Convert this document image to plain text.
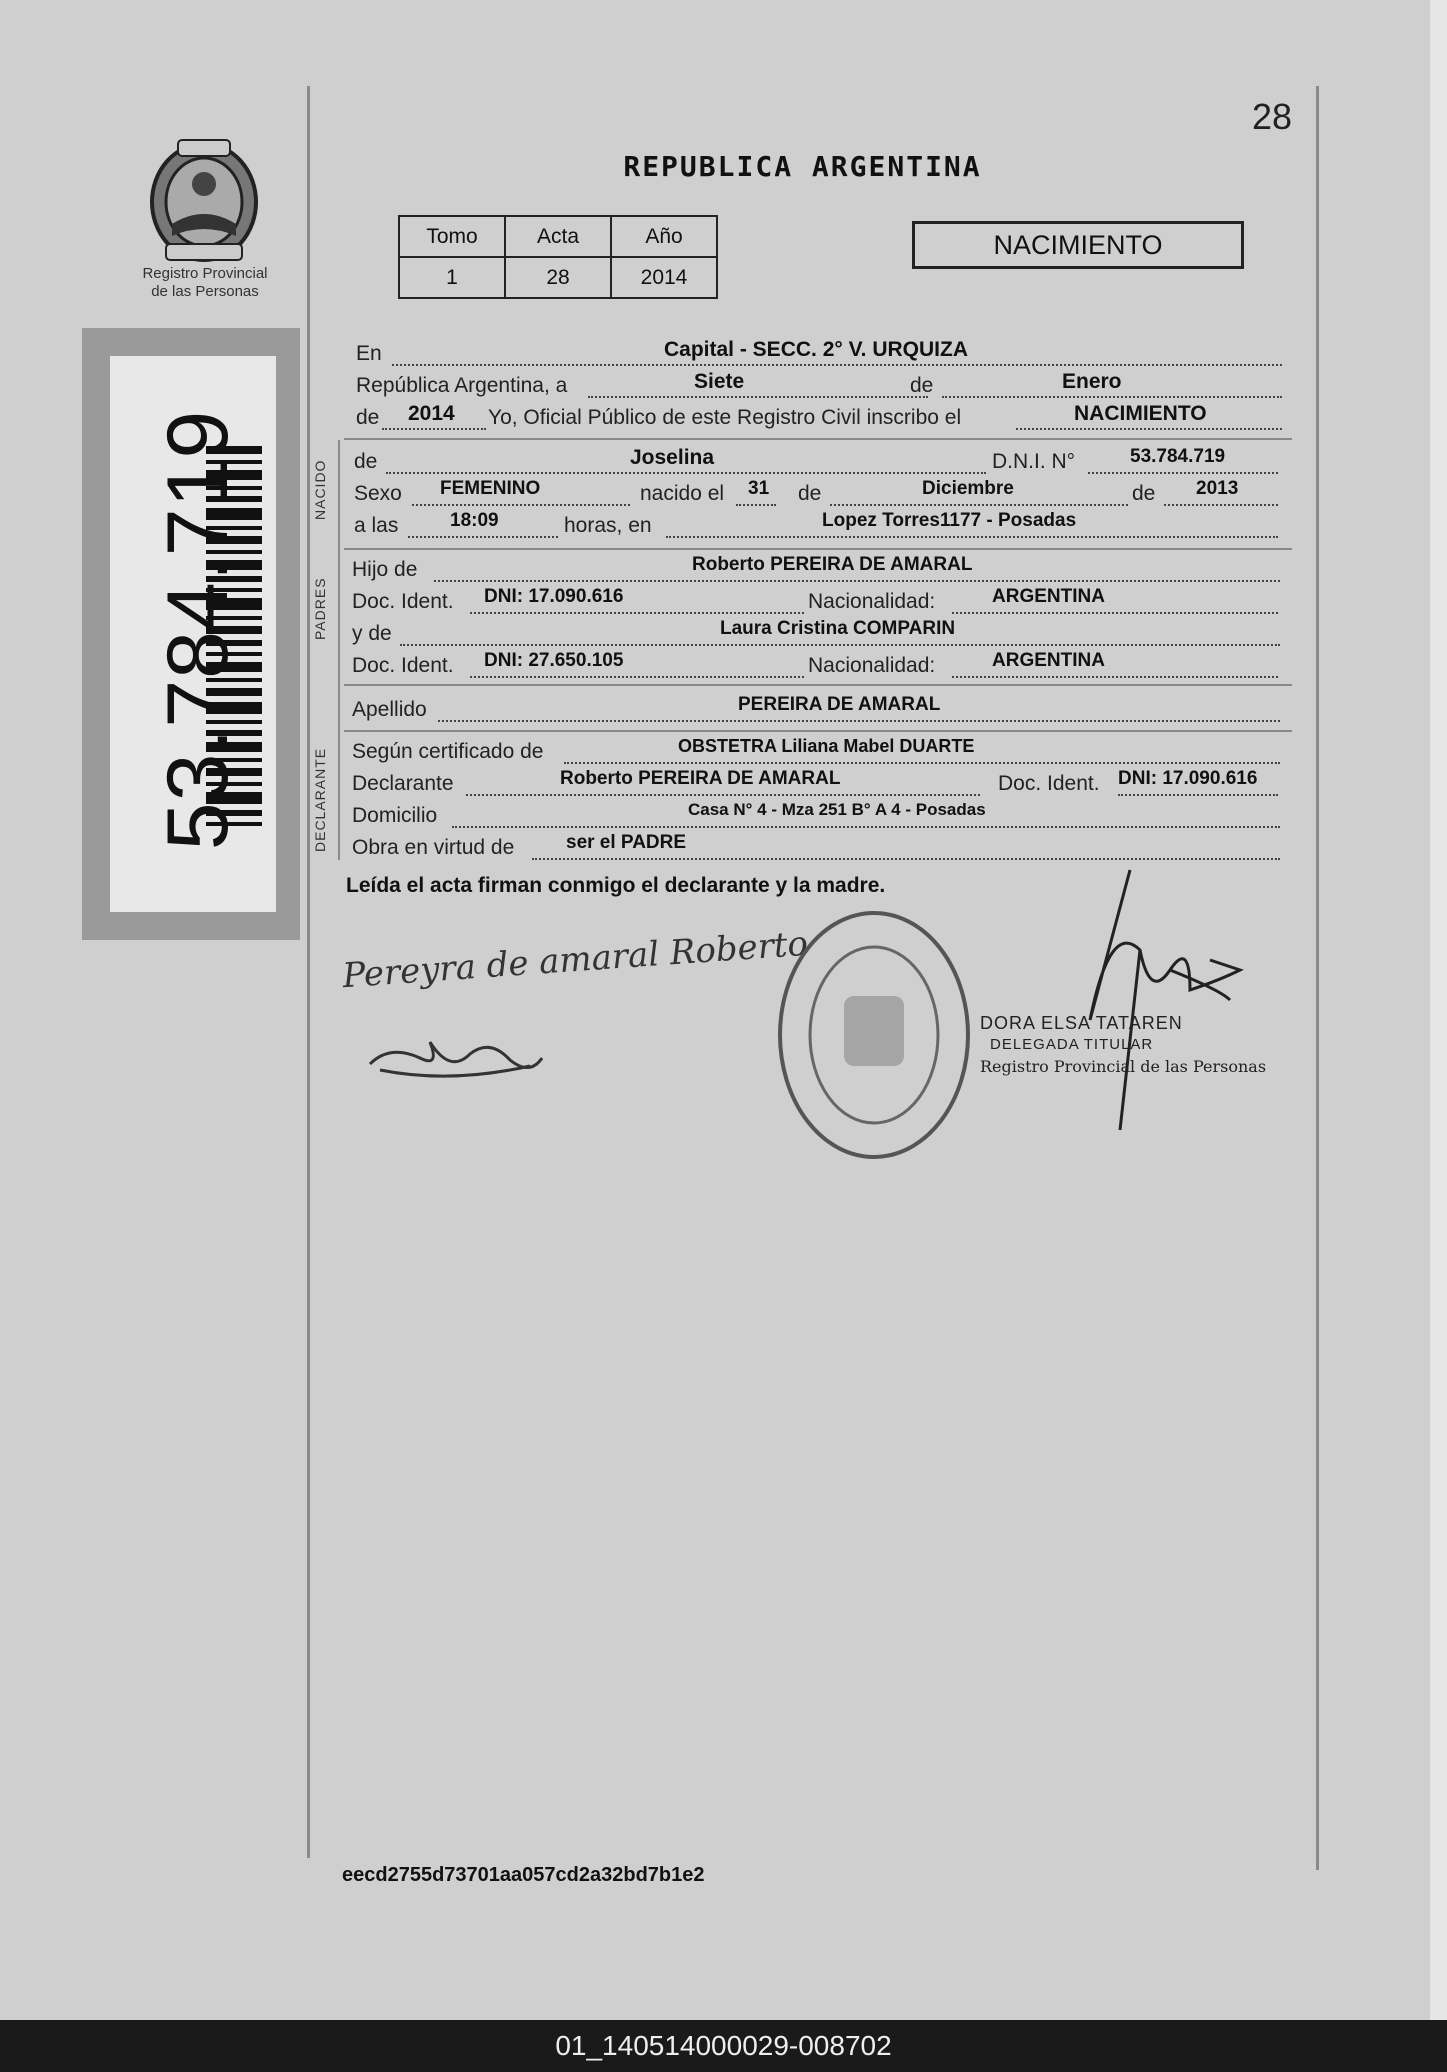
28
REPUBLICA ARGENTINA
Registro Provincial
de las Personas
53.784.719
Tomo	Acta	Año
1	28	2014
NACIMIENTO
NACIDO
PADRES
DECLARANTE
En	Capital - SECC. 2° V. URQUIZA
República Argentina, a	Siete	de	Enero
de 2014 Yo, Oficial Público de este Registro Civil inscribo el	NACIMIENTO
de	Joselina	D.N.I. N°	53.784.719
Sexo FEMENINO	nacido el 31 de	Diciembre	de 2013
a las	18:09	horas, en	Lopez Torres1177 - Posadas
Hijo de	Roberto PEREIRA DE AMARAL
Doc. Ident. DNI: 17.090.616	Nacionalidad:	ARGENTINA
y de	Laura Cristina COMPARIN
Doc. Ident. DNI: 27.650.105	Nacionalidad:	ARGENTINA
Apellido	PEREIRA DE AMARAL
Según certificado de	OBSTETRA Liliana Mabel DUARTE
Declarante	Roberto PEREIRA DE AMARAL	Doc. Ident. DNI: 17.090.616
Domicilio	Casa N° 4 - Mza 251 B° A 4 - Posadas
Obra en virtud de	ser el PADRE
Leída el acta firman conmigo el declarante y la madre.
Pereyra de amaral Roberto
DORA ELSA TATAREN
DELEGADA TITULAR
Registro Provincial de las Personas
eecd2755d73701aa057cd2a32bd7b1e2
01_140514000029-008702
